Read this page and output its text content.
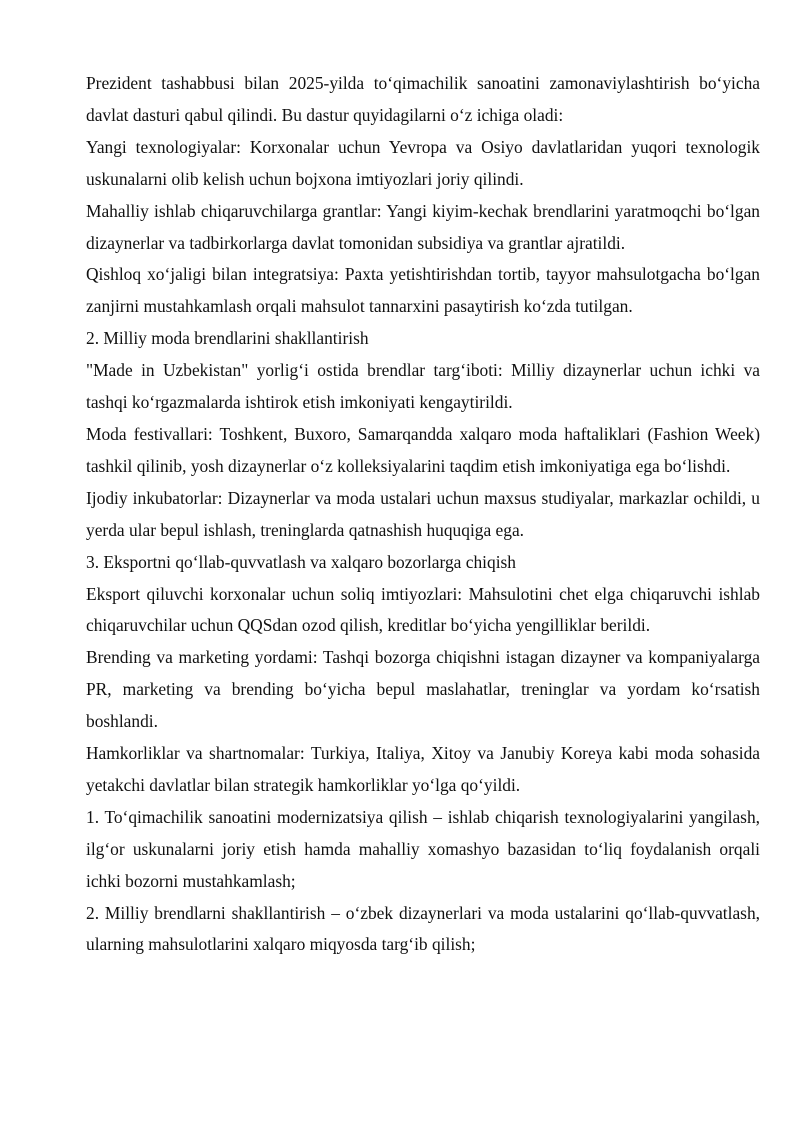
Prezident tashabbusi bilan 2025-yilda to‘qimachilik sanoatini zamonaviylashtirish bo‘yicha davlat dasturi qabul qilindi. Bu dastur quyidagilarni o‘z ichiga oladi:

Yangi texnologiyalar: Korxonalar uchun Yevropa va Osiyo davlatlaridan yuqori texnologik uskunalarni olib kelish uchun bojxona imtiyozlari joriy qilindi.

Mahalliy ishlab chiqaruvchilarga grantlar: Yangi kiyim-kechak brendlarini yaratmoqchi bo‘lgan dizaynerlar va tadbirkorlarga davlat tomonidan subsidiya va grantlar ajratildi.

Qishloq xo‘jaligi bilan integratsiya: Paxta yetishtirishdan tortib, tayyor mahsulotgacha bo‘lgan zanjirni mustahkamlash orqali mahsulot tannarxini pasaytirish ko‘zda tutilgan.

2. Milliy moda brendlarini shakllantirish

"Made in Uzbekistan" yorlig‘i ostida brendlar targ‘iboti: Milliy dizaynerlar uchun ichki va tashqi ko‘rgazmalarda ishtirok etish imkoniyati kengaytirildi.

Moda festivallari: Toshkent, Buxoro, Samarqandda xalqaro moda haftaliklari (Fashion Week) tashkil qilinib, yosh dizaynerlar o‘z kolleksiyalarini taqdim etish imkoniyatiga ega bo‘lishdi.

Ijodiy inkubatorlar: Dizaynerlar va moda ustalari uchun maxsus studiyalar, markazlar ochildi, u yerda ular bepul ishlash, treninglarda qatnashish huquqiga ega.

3. Eksportni qo‘llab-quvvatlash va xalqaro bozorlarga chiqish

Eksport qiluvchi korxonalar uchun soliq imtiyozlari: Mahsulotini chet elga chiqaruvchi ishlab chiqaruvchilar uchun QQSdan ozod qilish, kreditlar bo‘yicha yengilliklar berildi.

Brending va marketing yordami: Tashqi bozorga chiqishni istagan dizayner va kompaniyalarga PR, marketing va brending bo‘yicha bepul maslahatlar, treninglar va yordam ko‘rsatish boshlandi.

Hamkorliklar va shartnomalar: Turkiya, Italiya, Xitoy va Janubiy Koreya kabi moda sohasida yetakchi davlatlar bilan strategik hamkorliklar yo‘lga qo‘yildi.

1. To‘qimachilik sanoatini modernizatsiya qilish – ishlab chiqarish texnologiyalarini yangilash, ilg‘or uskunalarni joriy etish hamda mahalliy xomashyo bazasidan to‘liq foydalanish orqali ichki bozorni mustahkamlash;

2. Milliy brendlarni shakllantirish – o‘zbek dizaynerlari va moda ustalarini qo‘llab-quvvatlash, ularning mahsulotlarini xalqaro miqyosda targ‘ib qilish;
